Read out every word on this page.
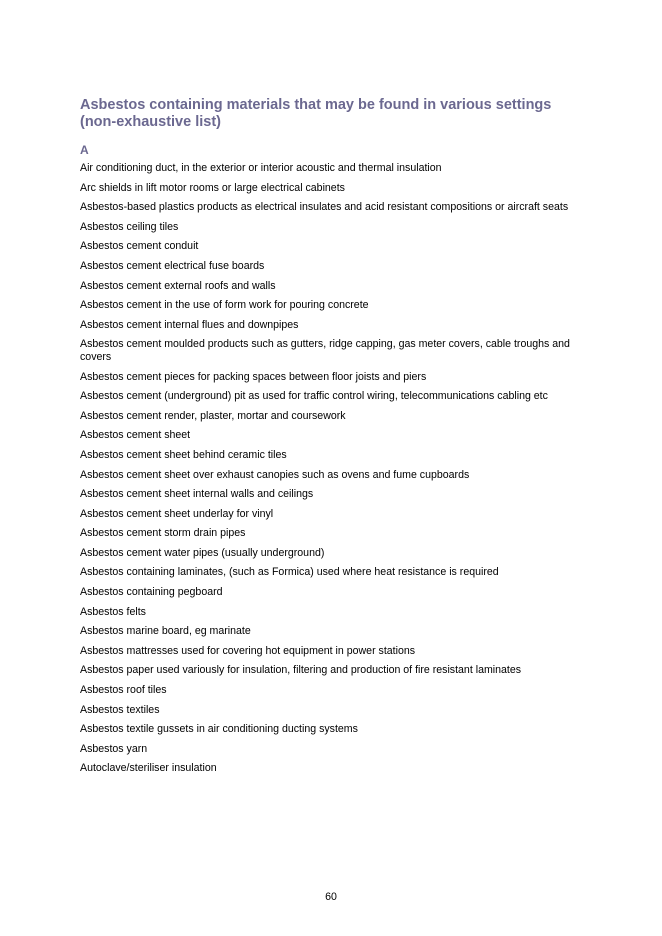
Asbestos containing materials that may be found in various settings (non-exhaustive list)
A
Air conditioning duct, in the exterior or interior acoustic and thermal insulation
Arc shields in lift motor rooms or large electrical cabinets
Asbestos-based plastics products as electrical insulates and acid resistant compositions or aircraft seats
Asbestos ceiling tiles
Asbestos cement conduit
Asbestos cement electrical fuse boards
Asbestos cement external roofs and walls
Asbestos cement in the use of form work for pouring concrete
Asbestos cement internal flues and downpipes
Asbestos cement moulded products such as gutters, ridge capping, gas meter covers, cable troughs and covers
Asbestos cement pieces for packing spaces between floor joists and piers
Asbestos cement (underground) pit as used for traffic control wiring, telecommunications cabling etc
Asbestos cement render, plaster, mortar and coursework
Asbestos cement sheet
Asbestos cement sheet behind ceramic tiles
Asbestos cement sheet over exhaust canopies such as ovens and fume cupboards
Asbestos cement sheet internal walls and ceilings
Asbestos cement sheet underlay for vinyl
Asbestos cement storm drain pipes
Asbestos cement water pipes (usually underground)
Asbestos containing laminates, (such as Formica) used where heat resistance is required
Asbestos containing pegboard
Asbestos felts
Asbestos marine board, eg marinate
Asbestos mattresses used for covering hot equipment in power stations
Asbestos paper used variously for insulation, filtering and production of fire resistant laminates
Asbestos roof tiles
Asbestos textiles
Asbestos textile gussets in air conditioning ducting systems
Asbestos yarn
Autoclave/steriliser insulation
60
